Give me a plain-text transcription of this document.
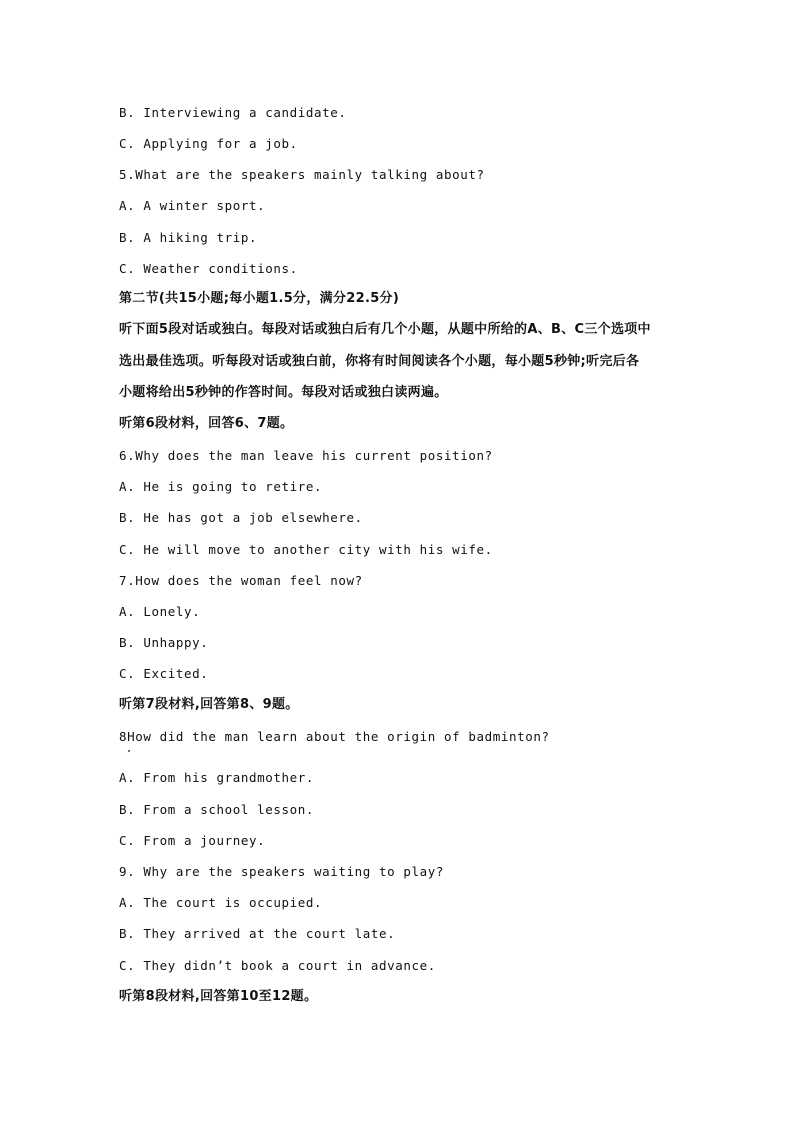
B. Interviewing a candidate.
C. Applying for a job.
5.What are the speakers mainly talking about?
A. A winter sport.
B. A hiking trip.
C. Weather conditions.
第二节(共15小题;每小题1.5分，满分22.5分)
听下面5段对话或独白。每段对话或独白后有几个小题，从题中所给的A、B、C三个选项中
选出最佳选项。听每段对话或独白前，你将有时间阅读各个小题，每小题5秒钟;听完后各
小题将给出5秒钟的作答时间。每段对话或独白读两遍。
听第6段材料，回答6、7题。
6.Why does the man leave his current position?
A. He is going to retire.
B. He has got a job elsewhere.
C. He will move to another city with his wife.
7.How does the woman feel now?
A. Lonely.
B. Unhappy.
C. Excited.
听第7段材料,回答第8、9题。
8How did the man learn about the origin of badminton?
A. From his grandmother.
B. From a school lesson.
C. From a journey.
9. Why are the speakers waiting to play?
A. The court is occupied.
B. They arrived at the court late.
C. They didn’t book a court in advance.
听第8段材料,回答第10至12题。
